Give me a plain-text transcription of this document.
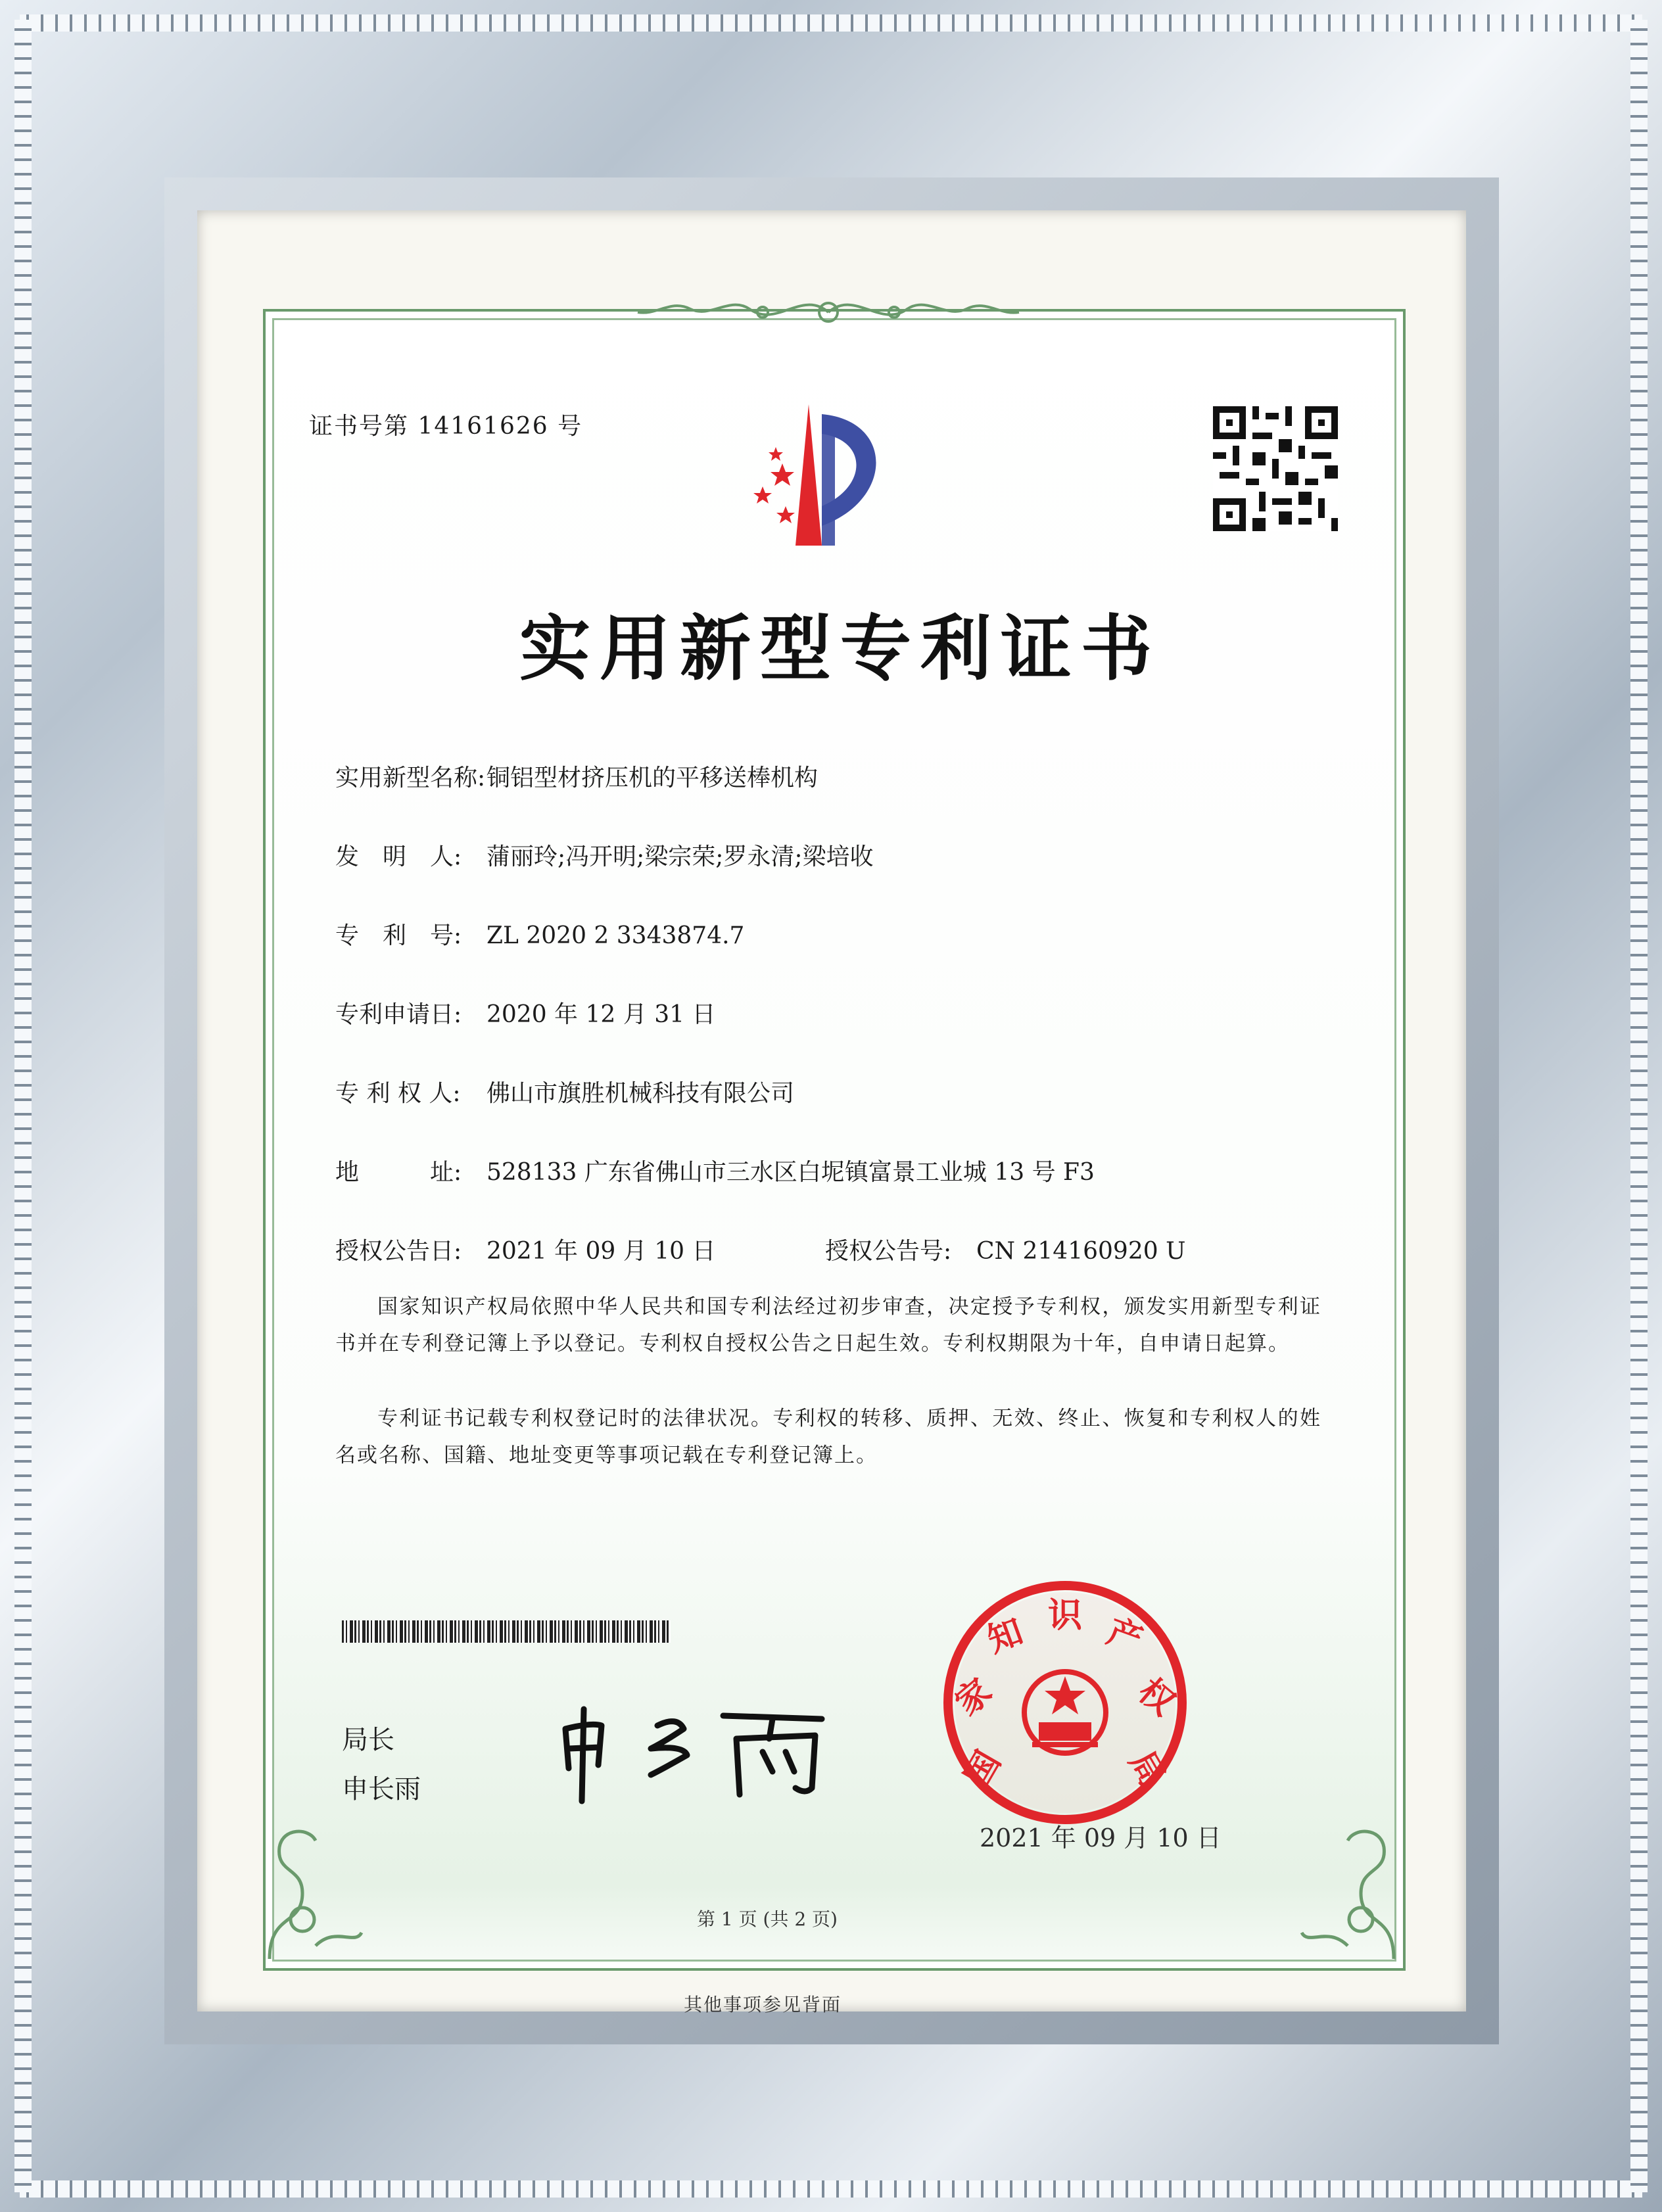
证书号第 14161626 号
实用新型专利证书
实用新型名称:铜铝型材挤压机的平移送棒机构
发　明　人: 蒲丽玲;冯开明;梁宗荣;罗永清;梁培收
专　利　号: ZL 2020 2 3343874.7
专利申请日: 2020 年 12 月 31 日
专 利 权 人: 佛山市旗胜机械科技有限公司
地　　　址: 528133 广东省佛山市三水区白坭镇富景工业城 13 号 F3
授权公告日: 2021 年 09 月 10 日	授权公告号: CN 214160920 U
国家知识产权局依照中华人民共和国专利法经过初步审查，决定授予专利权，颁发实用新型专利证书并在专利登记簿上予以登记。专利权自授权公告之日起生效。专利权期限为十年，自申请日起算。
专利证书记载专利权登记时的法律状况。专利权的转移、质押、无效、终止、恢复和专利权人的姓名或名称、国籍、地址变更等事项记载在专利登记簿上。
局长
申长雨	国
家
知 识 产
权
局
2021 年 09 月 10 日
第 1 页 (共 2 页)
其他事项参见背面
